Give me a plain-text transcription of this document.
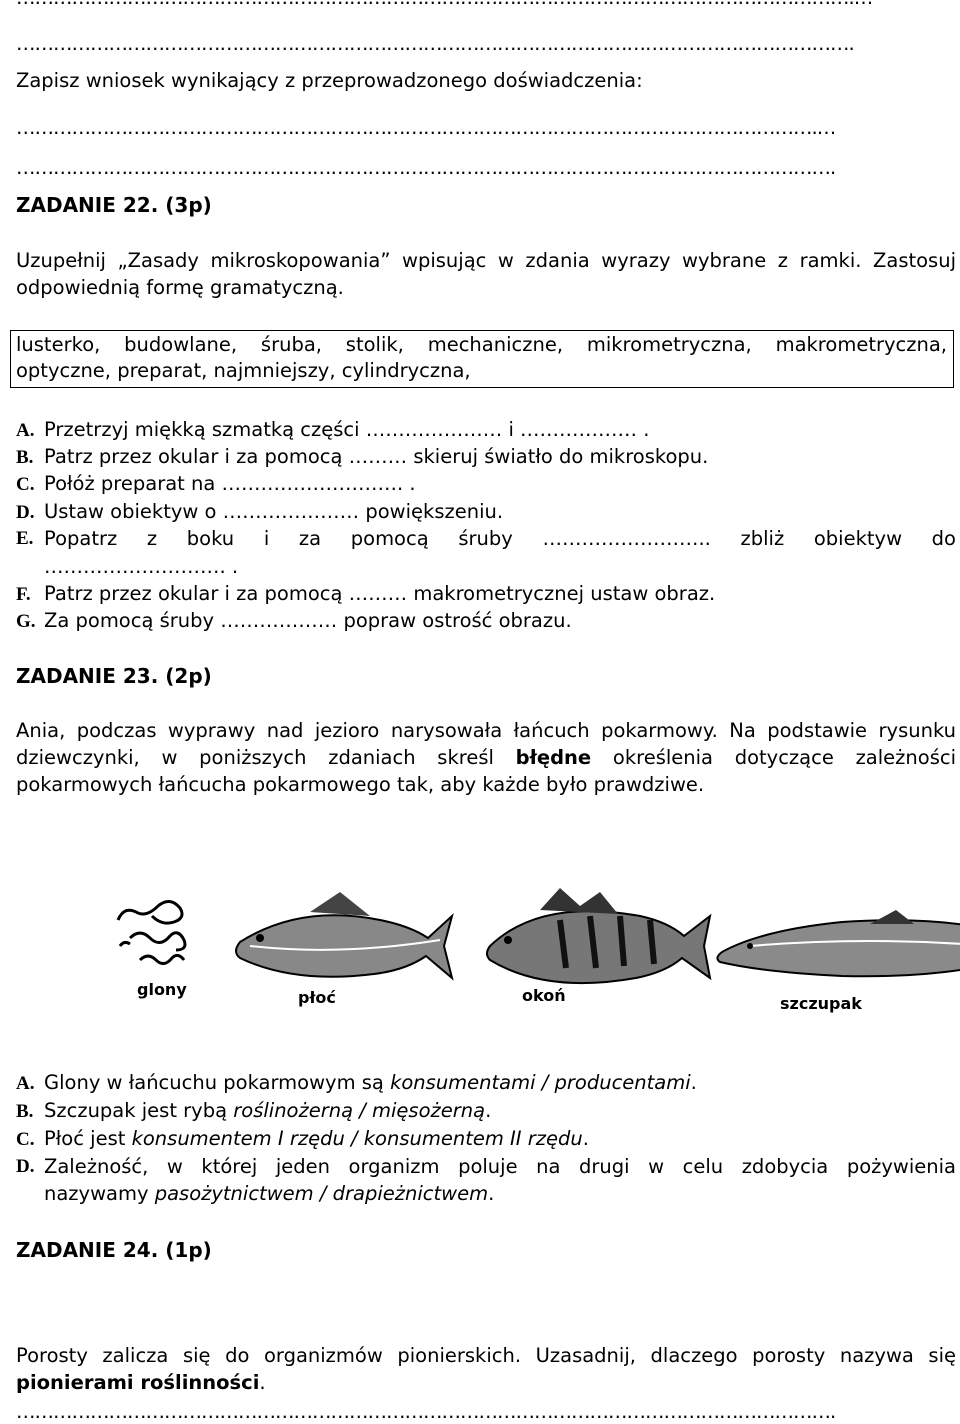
……………………………………………………………………………………………………………………….
Zapisz wniosek wynikający z przeprowadzonego doświadczenia:
………………………………………………………………………………………………………………….…
…………………………………………………………………………………………………………………….
ZADANIE 22. (3p)
Uzupełnij „Zasady mikroskopowania” wpisując w zdania wyrazy wybrane z ramki. Zastosuj
odpowiednią formę gramatyczną.
lusterko, budowlane, śruba, stolik, mechaniczne, mikrometryczna, makrometryczna,
optyczne, preparat, najmniejszy, cylindryczna,
A. Przetrzyj miękką szmatką części ………………… i ……………… .
B. Patrz przez okular i za pomocą ……… skieruj światło do mikroskopu.
C. Połóż preparat na ………………………. .
D. Ustaw obiektyw o ………………… powiększeniu.
E. Popatrz z boku i za pomocą śruby …………………….. zbliż obiektyw do
………………………. .
F. Patrz przez okular i za pomocą ……… makrometrycznej ustaw obraz.
G. Za pomocą śruby ……………… popraw ostrość obrazu.
ZADANIE 23. (2p)
Ania, podczas wyprawy nad jezioro narysowała łańcuch pokarmowy. Na podstawie rysunku
dziewczynki, w poniższych zdaniach skreśl błędne określenia dotyczące zależności
pokarmowych łańcucha pokarmowego tak, aby każde było prawdziwe.
glony	płoć	okoń	szczupak
A. Glony w łańcuchu pokarmowym są konsumentami / producentami.
B. Szczupak jest rybą roślinożerną / mięsożerną.
C. Płoć jest konsumentem I rzędu / konsumentem II rzędu.
D. Zależność, w której jeden organizm poluje na drugi w celu zdobycia pożywienia
nazywamy pasożytnictwem / drapieżnictwem.
ZADANIE 24. (1p)
Porosty zalicza się do organizmów pionierskich. Uzasadnij, dlaczego porosty nazywa się
pionierami roślinności.
…………………………………………………………………………………………………………………….
